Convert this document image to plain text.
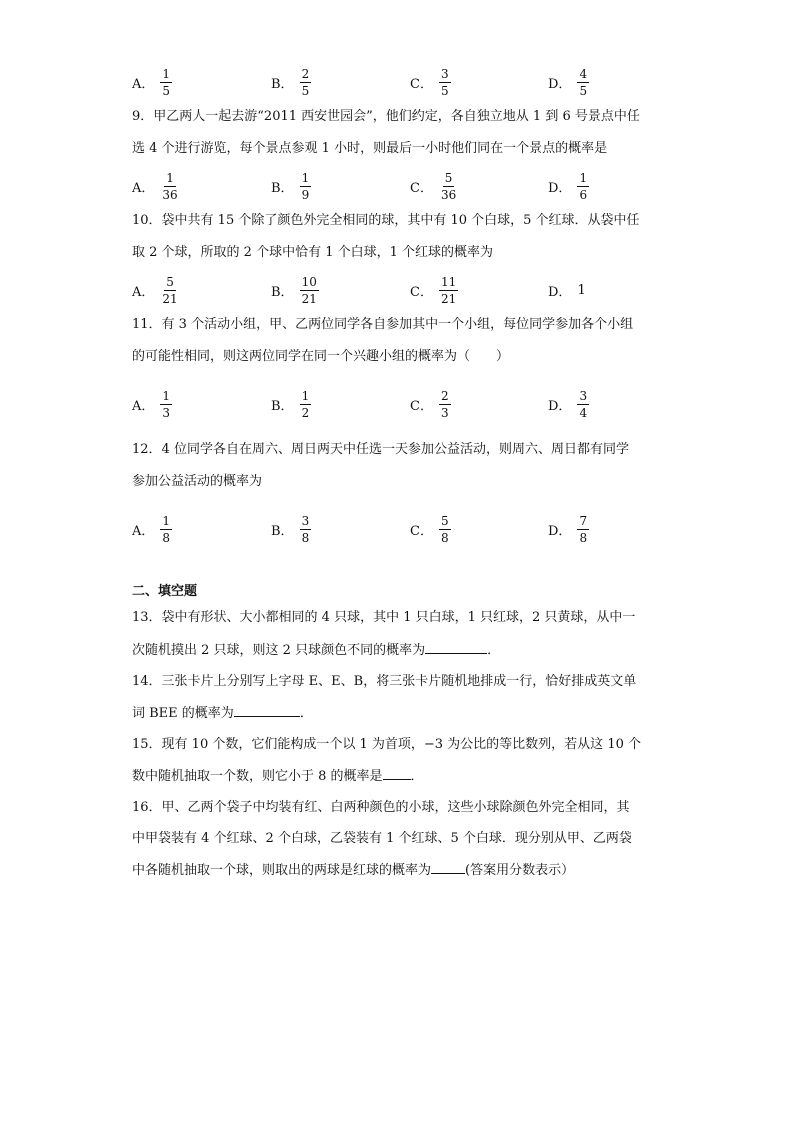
A． $\frac{1}{5}$	B． $\frac{2}{5}$	C． $\frac{3}{5}$	D． $\frac{4}{5}$
9．甲乙两人一起去游“2011 西安世园会”，他们约定，各自独立地从 1 到 6 号景点中任
选 4 个进行游览，每个景点参观 1 小时，则最后一小时他们同在一个景点的概率是
A． $\frac{1}{36}$	B． $\frac{1}{9}$	C． $\frac{5}{36}$	D． $\frac{1}{6}$
10．袋中共有 15 个除了颜色外完全相同的球，其中有 10 个白球，5 个红球．从袋中任
取 2 个球，所取的 2 个球中恰有 1 个白球，1 个红球的概率为
A． $\frac{5}{21}$	B． $\frac{10}{21}$	C． $\frac{11}{21}$	D． 1
11．有 3 个活动小组，甲、乙两位同学各自参加其中一个小组，每位同学参加各个小组
的可能性相同，则这两位同学在同一个兴趣小组的概率为（　　）
A． $\frac{1}{3}$	B． $\frac{1}{2}$	C． $\frac{2}{3}$	D． $\frac{3}{4}$
12．4 位同学各自在周六、周日两天中任选一天参加公益活动，则周六、周日都有同学
参加公益活动的概率为
A． $\frac{1}{8}$	B． $\frac{3}{8}$	C． $\frac{5}{8}$	D． $\frac{7}{8}$
二、填空题
13．袋中有形状、大小都相同的 4 只球，其中 1 只白球，1 只红球，2 只黄球，从中一
次随机摸出 2 只球，则这 2 只球颜色不同的概率为	．
14．三张卡片上分别写上字母 E、E、B，将三张卡片随机地排成一行，恰好排成英文单
词 BEE 的概率为	．
15．现有 10 个数，它们能构成一个以 1 为首项，−3 为公比的等比数列，若从这 10 个
数中随机抽取一个数，则它小于 8 的概率是 ．
16．甲、乙两个袋子中均装有红、白两种颜色的小球，这些小球除颜色外完全相同，其
中甲袋装有 4 个红球、2 个白球，乙袋装有 1 个红球、5 个白球．现分别从甲、乙两袋
中各随机抽取一个球，则取出的两球是红球的概率为	(答案用分数表示）
